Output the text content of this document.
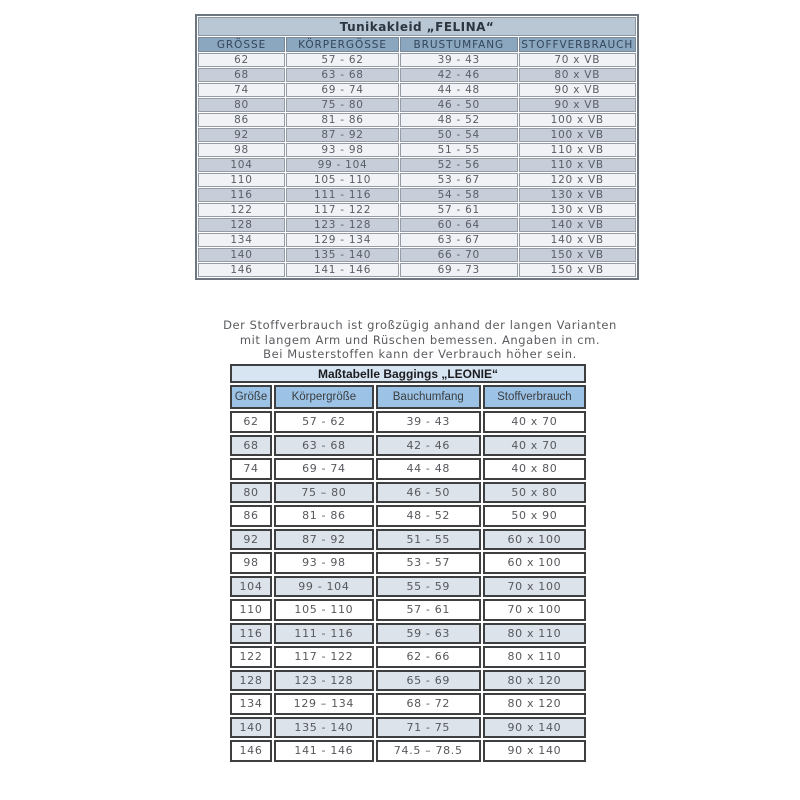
Tunikakleid „FELINA“			
GRÖSSE	KÖRPERGÖSSE	BRUSTUMFANG	STOFFVERBRAUCH
62	57 - 62	39 - 43	70 x VB
68	63 - 68	42 - 46	80 x VB
74	69 - 74	44 - 48	90 x VB
80	75 - 80	46 - 50	90 x VB
86	81 - 86	48 - 52	100 x VB
92	87 - 92	50 - 54	100 x VB
98	93 - 98	51 - 55	110 x VB
104	99 - 104	52 - 56	110 x VB
110	105 - 110	53 - 67	120 x VB
116	111 - 116	54 - 58	130 x VB
122	117 - 122	57 - 61	130 x VB
128	123 - 128	60 - 64	140 x VB
134	129 - 134	63 - 67	140 x VB
140	135 - 140	66 - 70	150 x VB
146	141 - 146	69 - 73	150 x VB
Der Stoffverbrauch ist großzügig anhand der langen Varianten
mit langem Arm und Rüschen bemessen. Angaben in cm.
Bei Musterstoffen kann der Verbrauch höher sein.
Maßtabelle Baggings „LEONIE“			
Größe	Körpergröße	Bauchumfang	Stoffverbrauch
62	57 - 62	39 - 43	40 x 70
68	63 - 68	42 - 46	40 x 70
74	69 - 74	44 - 48	40 x 80
80	75 – 80	46 - 50	50 x 80
86	81 - 86	48 - 52	50 x 90
92	87 - 92	51 - 55	60 x 100
98	93 - 98	53 - 57	60 x 100
104	99 - 104	55 - 59	70 x 100
110	105 - 110	57 - 61	70 x 100
116	111 - 116	59 - 63	80 x 110
122	117 - 122	62 - 66	80 x 110
128	123 - 128	65 - 69	80 x 120
134	129 – 134	68 - 72	80 x 120
140	135 - 140	71 - 75	90 x 140
146	141 - 146	74.5 – 78.5	90 x 140
